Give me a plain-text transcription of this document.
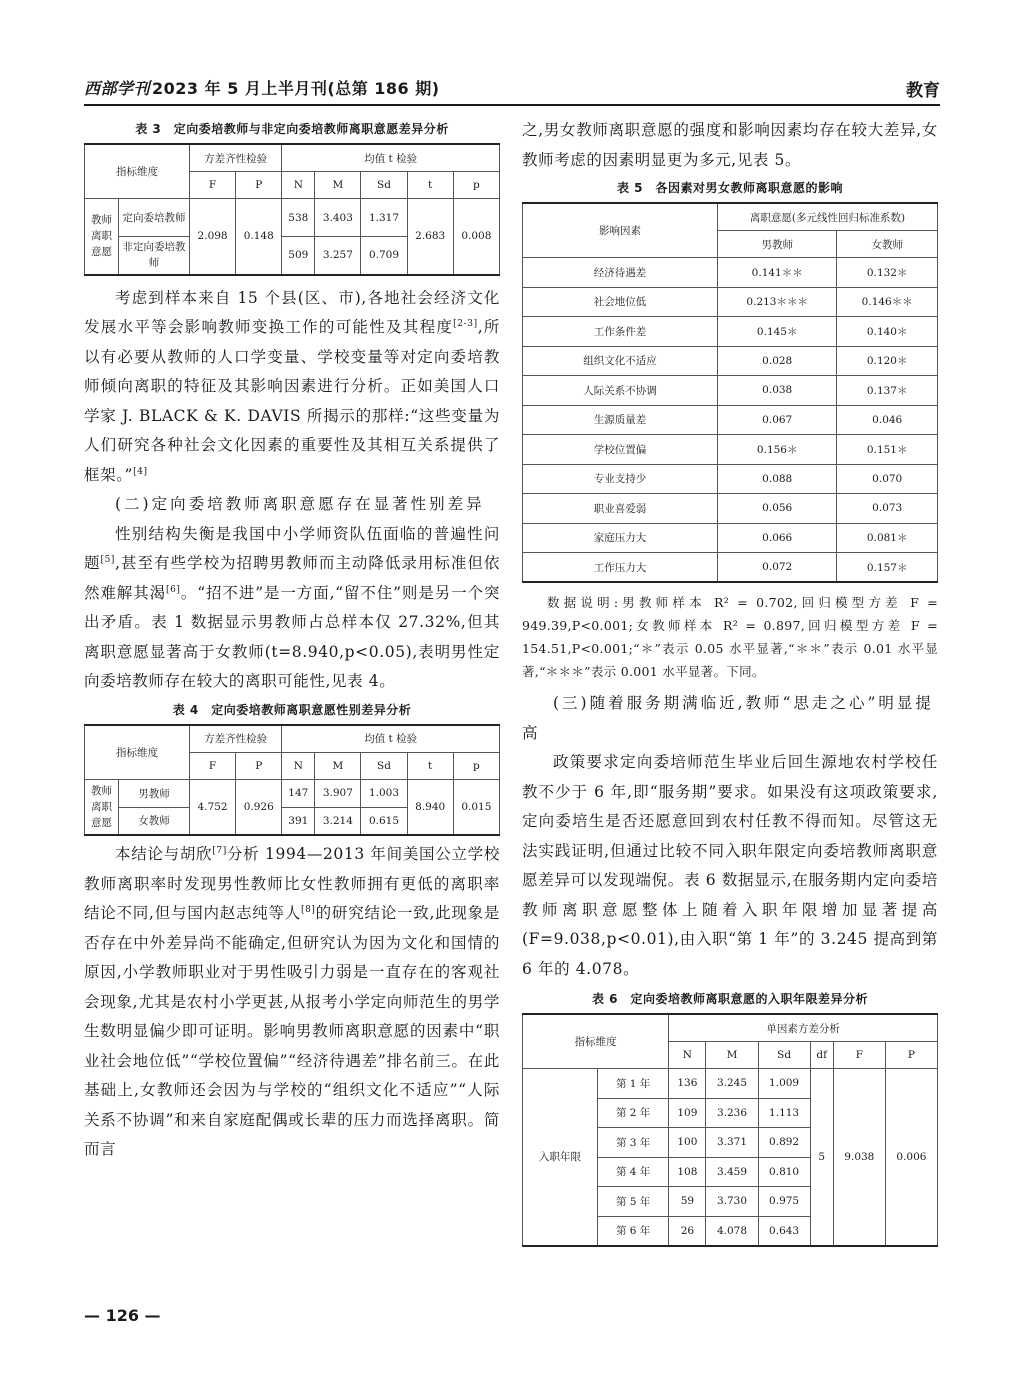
西部学刊 2023 年 5 月上半月刊(总第 186 期)	教育
表 3　定向委培教师与非定向委培教师离职意愿差异分析
指标维度		方差齐性检验		均值 t 检验				
		F	P	N	M	Sd	t	p
教师离职意愿	定向委培教师	2.098	0.148	538	3.403	1.317	2.683	0.008
	非定向委培教师			509	3.257	0.709		

考虑到样本来自 15 个县(区、市),各地社会经济文化发展水平等会影响教师变换工作的可能性及其程度[2-3],所以有必要从教师的人口学变量、学校变量等对定向委培教师倾向离职的特征及其影响因素进行分析。正如美国人口学家 J. BLACK & K. DAVIS 所揭示的那样:“这些变量为人们研究各种社会文化因素的重要性及其相互关系提供了框架。”[4]

(二)定向委培教师离职意愿存在显著性别差异

性别结构失衡是我国中小学师资队伍面临的普遍性问题[5],甚至有些学校为招聘男教师而主动降低录用标准但依然难解其渴[6]。“招不进”是一方面,“留不住”则是另一个突出矛盾。表 1 数据显示男教师占总样本仅 27.32%,但其离职意愿显著高于女教师(t=8.940,p<0.05),表明男性定向委培教师存在较大的离职可能性,见表 4。

表 4　定向委培教师离职意愿性别差异分析
指标维度		方差齐性检验		均值 t 检验				
		F	P	N	M	Sd	t	p
教师离职意愿	男教师	4.752	0.926	147	3.907	1.003	8.940	0.015
	女教师			391	3.214	0.615		

本结论与胡欣[7]分析 1994—2013 年间美国公立学校教师离职率时发现男性教师比女性教师拥有更低的离职率结论不同,但与国内赵志纯等人[8]的研究结论一致,此现象是否存在中外差异尚不能确定,但研究认为因为文化和国情的原因,小学教师职业对于男性吸引力弱是一直存在的客观社会现象,尤其是农村小学更甚,从报考小学定向师范生的男学生数明显偏少即可证明。影响男教师离职意愿的因素中“职业社会地位低”“学校位置偏”“经济待遇差”排名前三。在此基础上,女教师还会因为与学校的“组织文化不适应”“人际关系不协调”和来自家庭配偶或长辈的压力而选择离职。简而言

之,男女教师离职意愿的强度和影响因素均存在较大差异,女教师考虑的因素明显更为多元,见表 5。

表 5　各因素对男女教师离职意愿的影响
影响因素	离职意愿(多元线性回归标准系数)	
	男教师	女教师
经济待遇差	0.141＊＊	0.132＊
社会地位低	0.213＊＊＊	0.146＊＊
工作条件差	0.145＊	0.140＊
组织文化不适应	0.028	0.120＊
人际关系不协调	0.038	0.137＊
生源质量差	0.067	0.046
学校位置偏	0.156＊	0.151＊
专业支持少	0.088	0.070
职业喜爱弱	0.056	0.073
家庭压力大	0.066	0.081＊
工作压力大	0.072	0.157＊

数据说明:男教师样本 R² = 0.702,回归模型方差 F = 949.39,P<0.001;女教师样本 R² = 0.897,回归模型方差 F = 154.51,P<0.001;“＊”表示 0.05 水平显著,“＊＊”表示 0.01 水平显著,“＊＊＊”表示 0.001 水平显著。下同。

(三)随着服务期满临近,教师“思走之心”明显提高

政策要求定向委培师范生毕业后回生源地农村学校任教不少于 6 年,即“服务期”要求。如果没有这项政策要求,定向委培生是否还愿意回到农村任教不得而知。尽管这无法实践证明,但通过比较不同入职年限定向委培教师离职意愿差异可以发现端倪。表 6 数据显示,在服务期内定向委培教师离职意愿整体上随着入职年限增加显著提高(F=9.038,p<0.01),由入职“第 1 年”的 3.245 提高到第 6 年的 4.078。

表 6　定向委培教师离职意愿的入职年限差异分析
指标维度		单因素方差分析					
		N	M	Sd	df	F	P
入职年限	第 1 年	136	3.245	1.009	5	9.038	0.006
	第 2 年	109	3.236	1.113			
	第 3 年	100	3.371	0.892			
	第 4 年	108	3.459	0.810			
	第 5 年	59	3.730	0.975			
	第 6 年	26	4.078	0.643			
— 126 —
